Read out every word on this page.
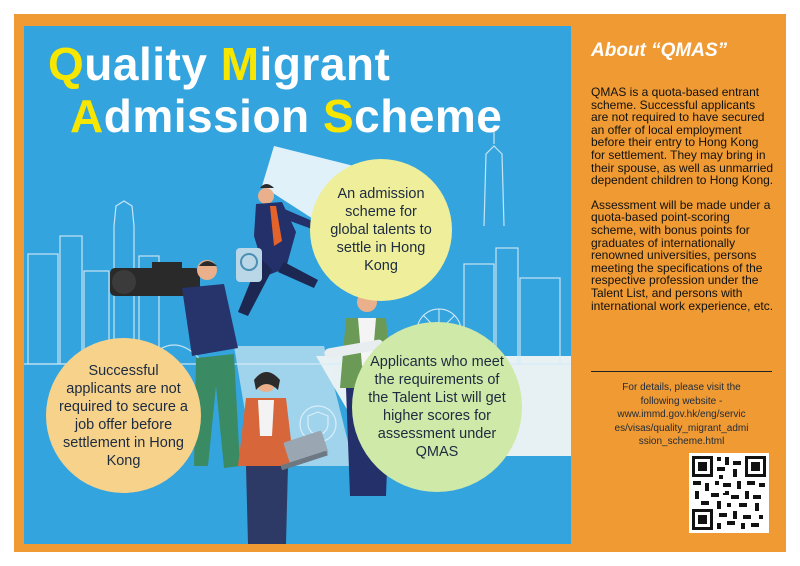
Quality Migrant
Admission Scheme
An admission scheme for global talents to settle in Hong Kong
Successful applicants are not required to secure a job offer before settlement in Hong Kong
Applicants who meet the requirements of the Talent List will get higher scores for assessment under QMAS
About “QMAS”

QMAS is a quota-based entrant scheme. Successful applicants are not required to have secured an offer of local employment before their entry to Hong Kong for settlement. They may bring in their spouse, as well as unmarried dependent children to Hong Kong.

Assessment will be made under a quota-based point-scoring scheme, with bonus points for graduates of internationally renowned universities, persons meeting the specifications of the respective profession under the Talent List, and persons with international work experience, etc.

For details, please visit the
following website -
www.immd.gov.hk/eng/servic
es/visas/quality_migrant_admi
ssion_scheme.html
